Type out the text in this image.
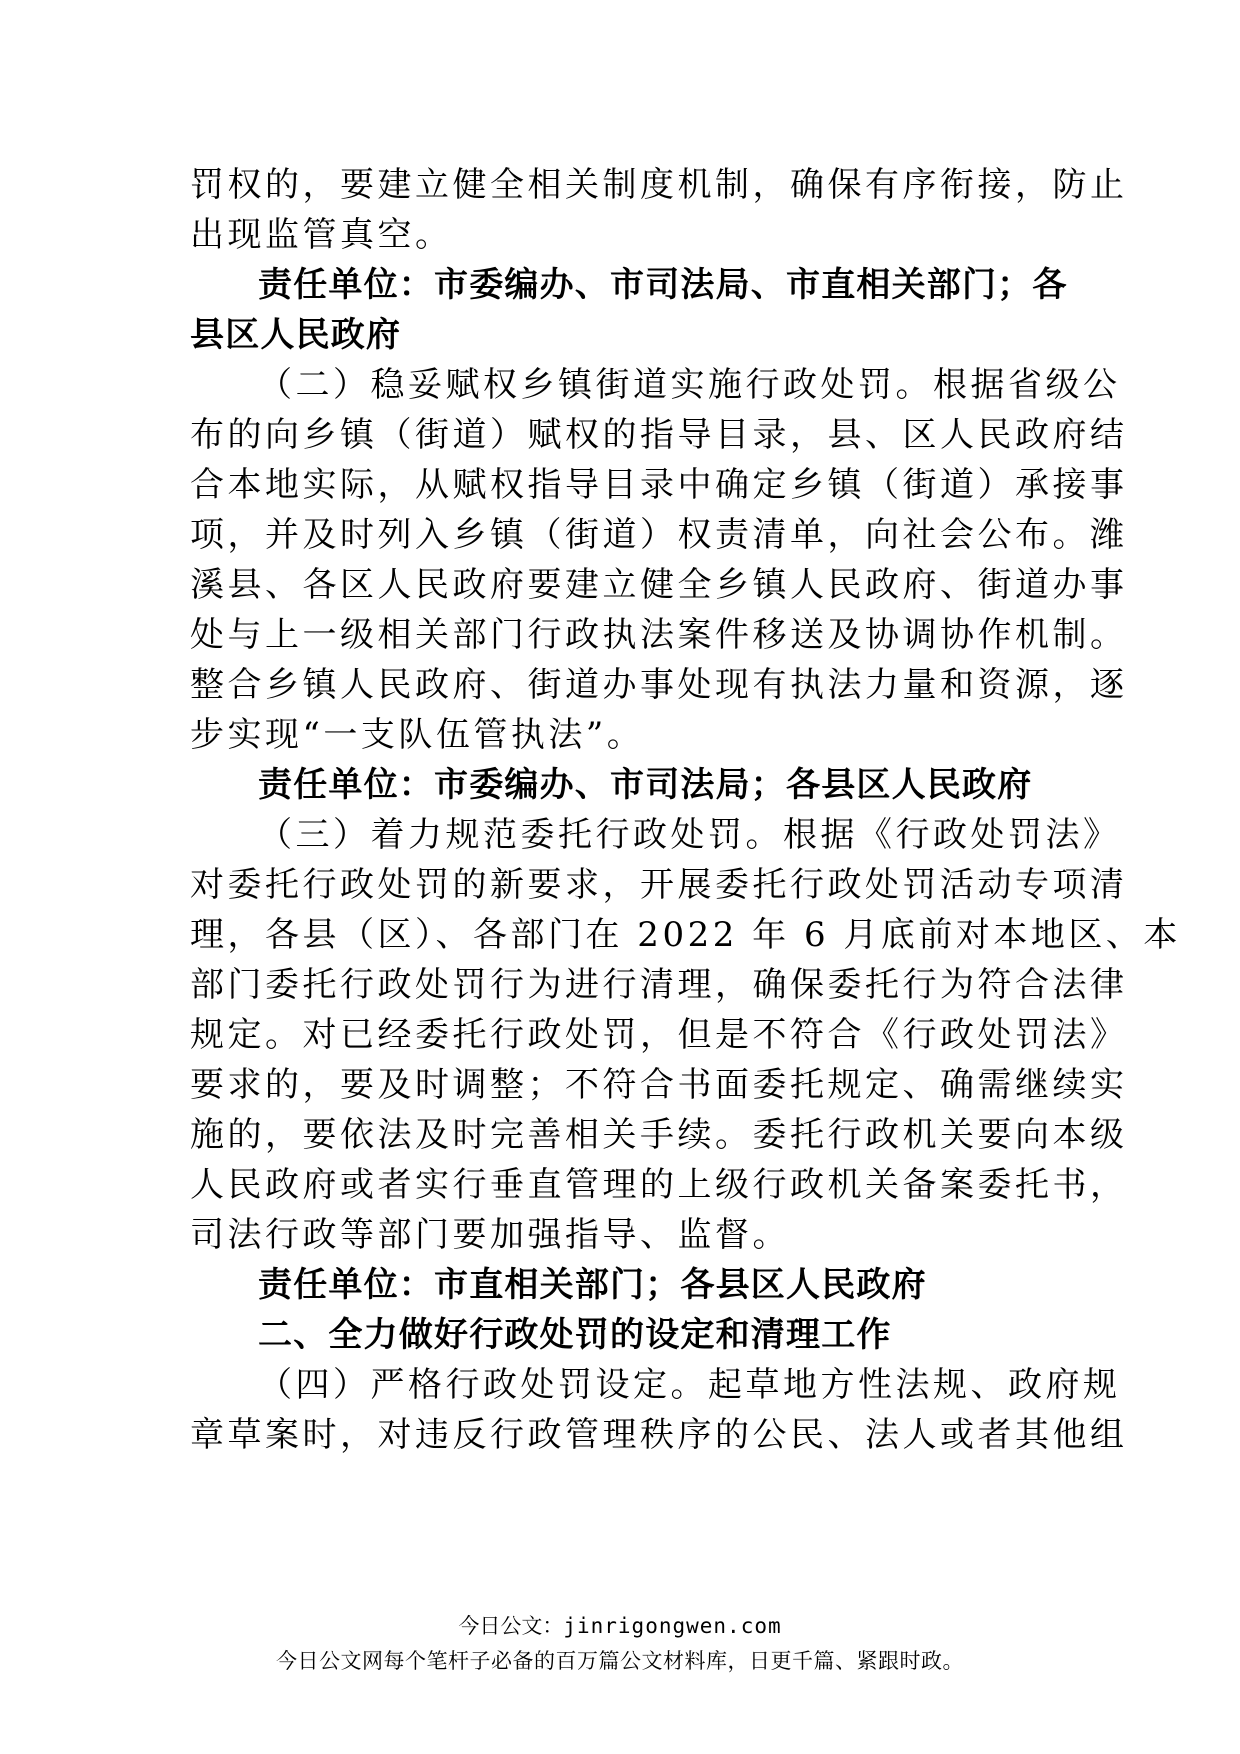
罚权的，要建立健全相关制度机制，确保有序衔接，防止
出现监管真空。
责任单位：市委编办、市司法局、市直相关部门；各
县区人民政府
（二）稳妥赋权乡镇街道实施行政处罚。根据省级公
布的向乡镇（街道）赋权的指导目录，县、区人民政府结
合本地实际，从赋权指导目录中确定乡镇（街道）承接事
项，并及时列入乡镇（街道）权责清单，向社会公布。潍
溪县、各区人民政府要建立健全乡镇人民政府、街道办事
处与上一级相关部门行政执法案件移送及协调协作机制。
整合乡镇人民政府、街道办事处现有执法力量和资源，逐
步实现“一支队伍管执法”。
责任单位：市委编办、市司法局；各县区人民政府
（三）着力规范委托行政处罚。根据《行政处罚法》
对委托行政处罚的新要求，开展委托行政处罚活动专项清
理，各县（区）、各部门在 2022 年 6 月底前对本地区、本
部门委托行政处罚行为进行清理，确保委托行为符合法律
规定。对已经委托行政处罚，但是不符合《行政处罚法》
要求的，要及时调整；不符合书面委托规定、确需继续实
施的，要依法及时完善相关手续。委托行政机关要向本级
人民政府或者实行垂直管理的上级行政机关备案委托书，
司法行政等部门要加强指导、监督。
责任单位：市直相关部门；各县区人民政府
二、全力做好行政处罚的设定和清理工作
（四）严格行政处罚设定。起草地方性法规、政府规
章草案时，对违反行政管理秩序的公民、法人或者其他组
今日公文：jinrigongwen.com
今日公文网每个笔杆子必备的百万篇公文材料库，日更千篇、紧跟时政。
